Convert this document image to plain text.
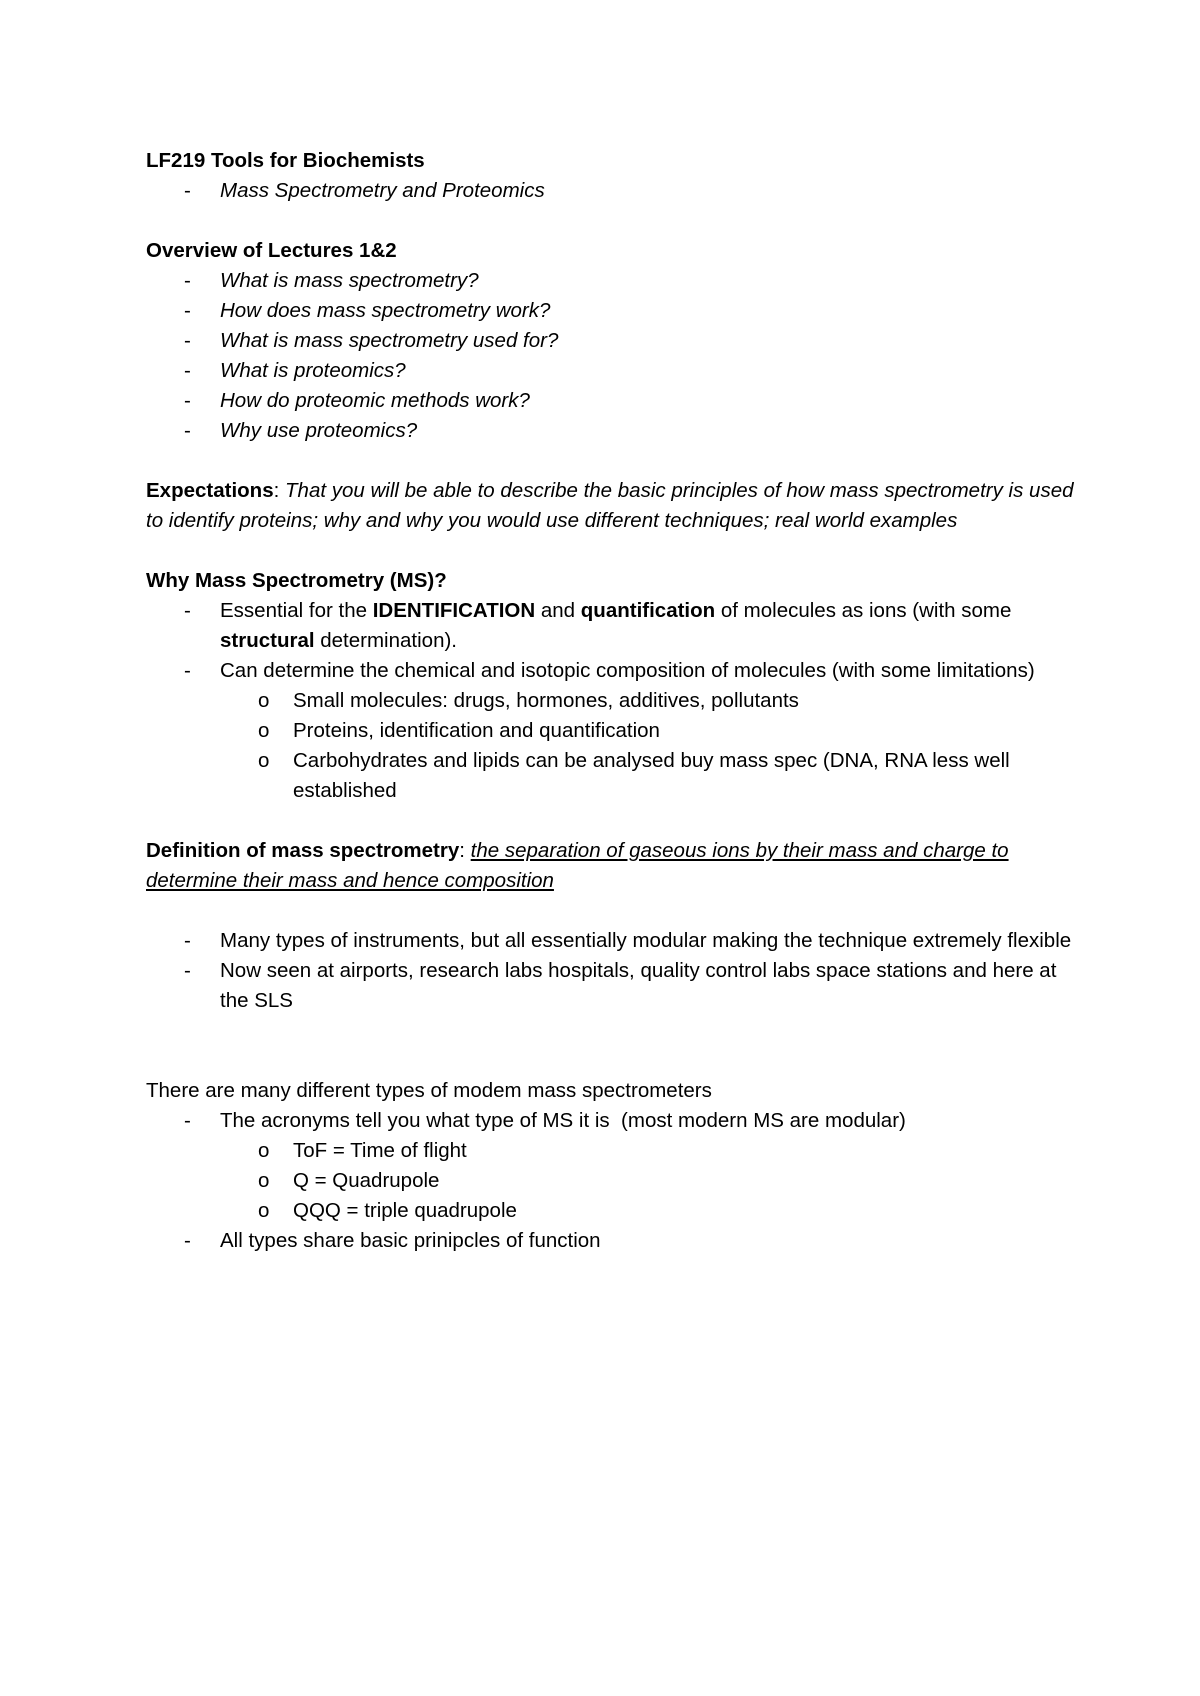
LF219 Tools for Biochemists
- Mass Spectrometry and Proteomics
Overview of Lectures 1&2
- What is mass spectrometry?
- How does mass spectrometry work?
- What is mass spectrometry used for?
- What is proteomics?
- How do proteomic methods work?
- Why use proteomics?
Expectations: That you will be able to describe the basic principles of how mass spectrometry is used to identify proteins; why and why you would use different techniques; real world examples
Why Mass Spectrometry (MS)?
- Essential for the IDENTIFICATION and quantification of molecules as ions (with some structural determination).
- Can determine the chemical and isotopic composition of molecules (with some limitations)
o Small molecules: drugs, hormones, additives, pollutants
o Proteins, identification and quantification
o Carbohydrates and lipids can be analysed buy mass spec (DNA, RNA less well established
Definition of mass spectrometry: the separation of gaseous ions by their mass and charge to determine their mass and hence composition
- Many types of instruments, but all essentially modular making the technique extremely flexible
- Now seen at airports, research labs hospitals, quality control labs space stations and here at the SLS
There are many different types of modem mass spectrometers
- The acronyms tell you what type of MS it is  (most modern MS are modular)
o ToF = Time of flight
o Q = Quadrupole
o QQQ = triple quadrupole
- All types share basic prinipcles of function
